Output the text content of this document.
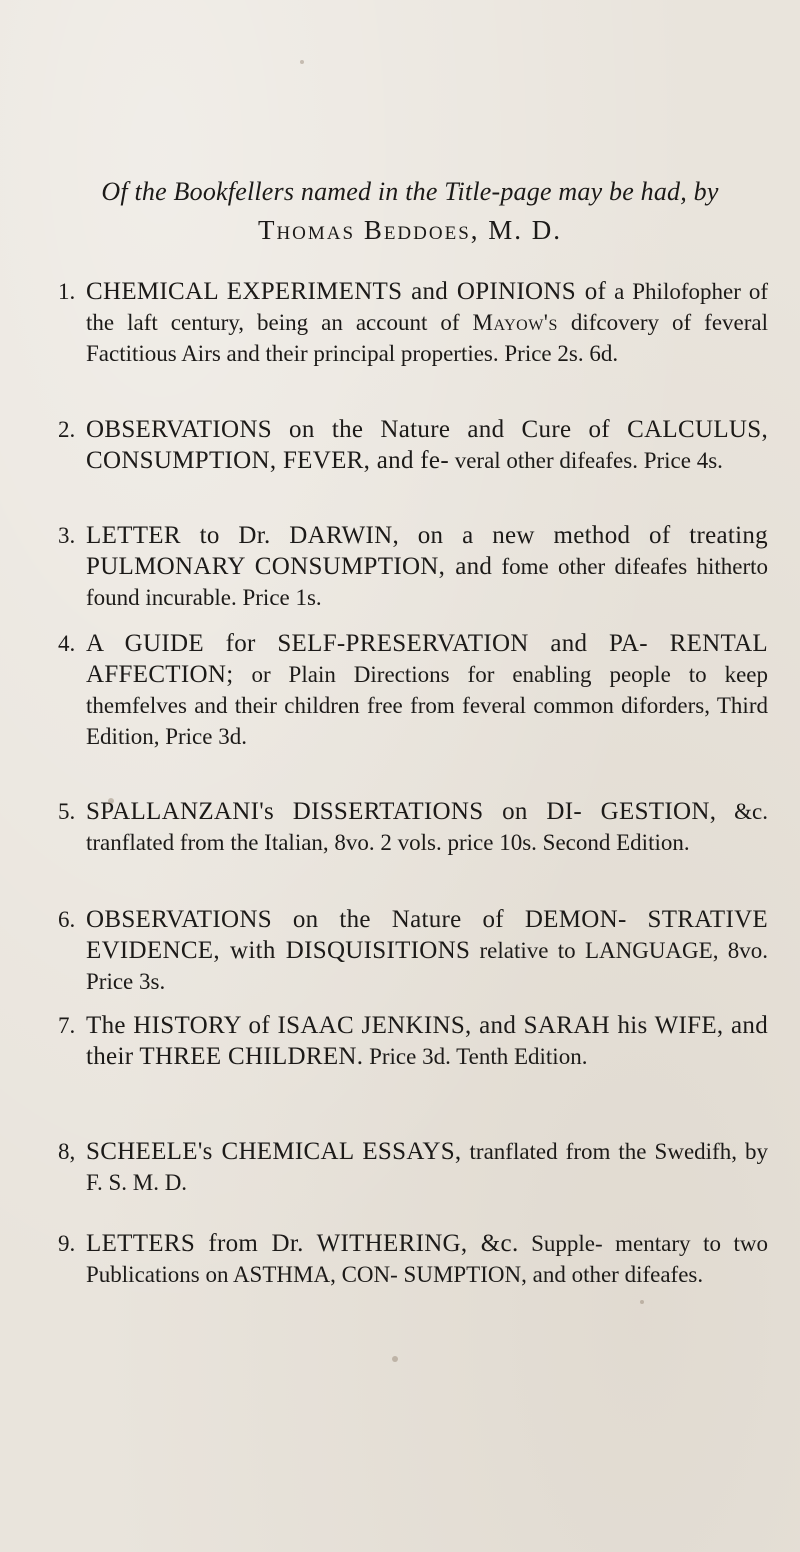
Of the Bookfellers named in the Title-page may be had, by
Thomas Beddoes, M. D.
1. CHEMICAL EXPERIMENTS and OPINIONS of a Philofopher of the laft century, being an account of Mayow's difcovery of feveral Factitious Airs and their principal properties. Price 2s. 6d.
2. OBSERVATIONS on the Nature and Cure of CALCULUS, CONSUMPTION, FEVER, and fe- veral other difeafes. Price 4s.
3. LETTER to Dr. DARWIN, on a new method of treating PULMONARY CONSUMPTION, and fome other difeafes hitherto found incurable. Price 1s.
4. A GUIDE for SELF-PRESERVATION and PA- RENTAL AFFECTION; or Plain Directions for enabling people to keep themfelves and their children free from feveral common diforders, Third Edition, Price 3d.
5. SPALLANZANI's DISSERTATIONS on DI- GESTION, &c. tranflated from the Italian, 8vo. 2 vols. price 10s. Second Edition.
6. OBSERVATIONS on the Nature of DEMON- STRATIVE EVIDENCE, with DISQUISITIONS relative to LANGUAGE, 8vo. Price 3s.
7. The HISTORY of ISAAC JENKINS, and SARAH his WIFE, and their THREE CHILDREN. Price 3d. Tenth Edition.
8, SCHEELE's CHEMICAL ESSAYS, tranflated from the Swedifh, by F. S. M. D.
9. LETTERS from Dr. WITHERING, &c. Supple- mentary to two Publications on ASTHMA, CON- SUMPTION, and other difeafes.
